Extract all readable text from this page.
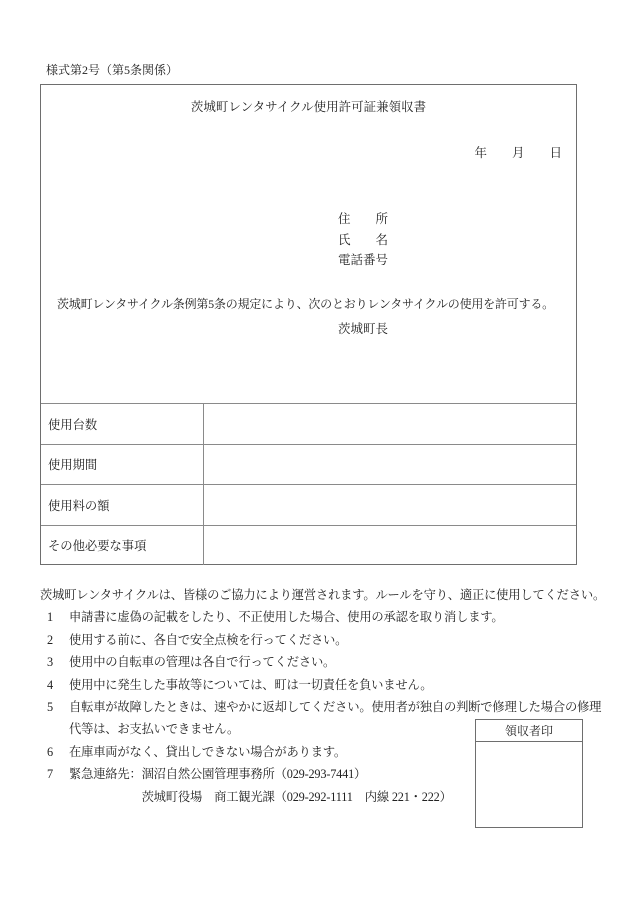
様式第2号（第5条関係）
茨城町レンタサイクル使用許可証兼領収書
年　　月　　日
住　　所
氏　　名
電話番号
茨城町レンタサイクル条例第5条の規定により、次のとおりレンタサイクルの使用を許可する。
茨城町長
使用台数
使用期間
使用料の額
その他必要な事項
茨城町レンタサイクルは、皆様のご協力により運営されます。ルールを守り、適正に使用してください。
1	申請書に虚偽の記載をしたり、不正使用した場合、使用の承認を取り消します。
2	使用する前に、各自で安全点検を行ってください。
3	使用中の自転車の管理は各自で行ってください。
4	使用中に発生した事故等については、町は一切責任を負いません。
5	自転車が故障したときは、速やかに返却してください。使用者が独自の判断で修理した場合の修理
代等は、お支払いできません。
6	在庫車両がなく、貸出しできない場合があります。
7	緊急連絡先：涸沼自然公園管理事務所（029-293-7441）
　　　　　　茨城町役場　商工観光課（029-292-1111　内線 221・222）
領収者印
